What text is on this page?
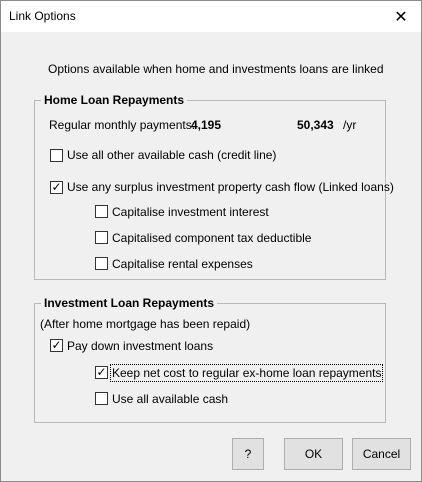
Link Options	✕
Options available when home and investments loans are linked
Home Loan Repayments
Regular monthly payments:
4,195	50,343 /yr
Use all other available cash (credit line)
✓ Use any surplus investment property cash flow (Linked loans)
Capitalise investment interest
Capitalised component tax deductible
Capitalise rental expenses
Investment Loan Repayments
(After home mortgage has been repaid)
✓ Pay down investment loans
✓ Keep net cost to regular ex-home loan repayments
Use all available cash
?	OK	Cancel
